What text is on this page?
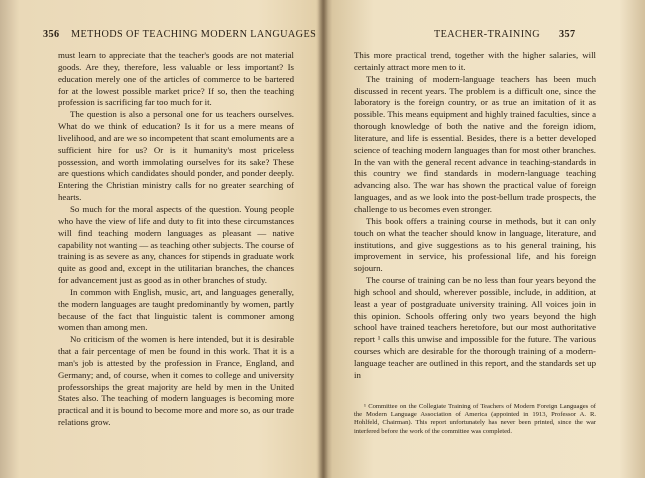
356 METHODS OF TEACHING MODERN LANGUAGES

must learn to appreciate that the teacher's goods are not material goods. Are they, therefore, less valuable or less important? Is education merely one of the articles of commerce to be bartered for at the lowest possible market price? If so, then the teaching profession is sacrificing far too much for it.

The question is also a personal one for us teachers ourselves. What do we think of education? Is it for us a mere means of livelihood, and are we so incompetent that scant emoluments are a sufficient hire for us? Or is it humanity's most priceless possession, and worth immolating ourselves for its sake? These are questions which candidates should ponder, and ponder deeply. Entering the Christian ministry calls for no greater searching of hearts.

So much for the moral aspects of the question. Young people who have the view of life and duty to fit into these circumstances will find teaching modern languages as pleasant — native capability not wanting — as teaching other subjects. The course of training is as severe as any, chances for stipends in graduate work quite as good and, except in the utilitarian branches, the chances for advancement just as good as in other branches of study.

In common with English, music, art, and languages generally, the modern languages are taught predominantly by women, partly because of the fact that linguistic talent is commoner among women than among men.

No criticism of the women is here intended, but it is desirable that a fair percentage of men be found in this work. That it is a man's job is attested by the profession in France, England, and Germany; and, of course, when it comes to college and university professorships the great majority are held by men in the United States also. The teaching of modern languages is becoming more practical and it is bound to become more and more so, as our trade relations grow.

TEACHER-TRAINING 357

This more practical trend, together with the higher salaries, will certainly attract more men to it.

The training of modern-language teachers has been much discussed in recent years. The problem is a difficult one, since the laboratory is the foreign country, or as true an imitation of it as possible. This means equipment and highly trained faculties, since a thorough knowledge of both the native and the foreign idiom, literature, and life is essential. Besides, there is a better developed science of teaching modern languages than for most other branches. In the van with the general recent advance in teaching-standards in this country we find standards in modern-language teaching advancing also. The war has shown the practical value of foreign languages, and as we look into the post-bellum trade prospects, the challenge to us becomes even stronger.

This book offers a training course in methods, but it can only touch on what the teacher should know in language, literature, and institutions, and give suggestions as to his general training, his improvement in service, his professional life, and his foreign sojourn.

The course of training can be no less than four years beyond the high school and should, wherever possible, include, in addition, at least a year of postgraduate university training. All voices join in this opinion. Schools offering only two years beyond the high school have trained teachers heretofore, but our most authoritative report ¹ calls this unwise and impossible for the future. The various courses which are desirable for the thorough training of a modern-language teacher are outlined in this report, and the standards set up in

¹ Committee on the Collegiate Training of Teachers of Modern Foreign Languages of the Modern Language Association of America (appointed in 1913, Professor A. R. Hohlfeld, Chairman). This report unfortunately has never been printed, since the war interfered before the work of the committee was completed.
